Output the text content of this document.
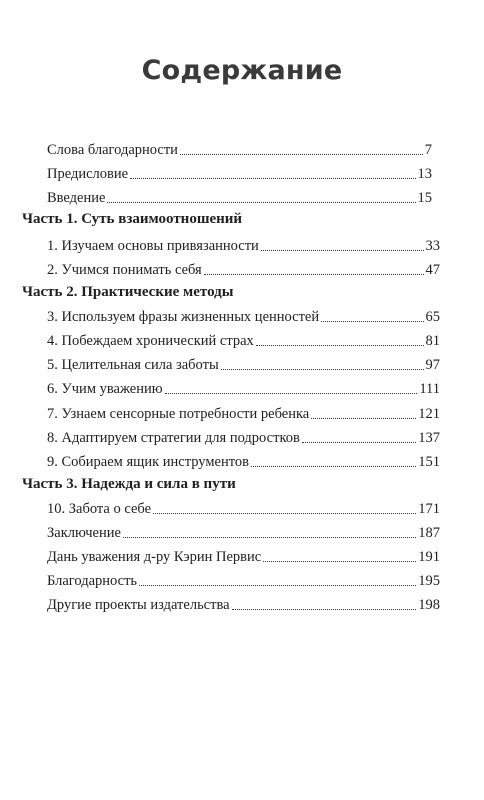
Содержание
Слова благодарности	7
Предисловие	13
Введение	15
Часть 1. Суть взаимоотношений
1. Изучаем основы привязанности	33
2. Учимся понимать себя	47
Часть 2. Практические методы
3. Используем фразы жизненных ценностей	65
4. Побеждаем хронический страх	81
5. Целительная сила заботы	97
6. Учим уважению	111
7. Узнаем сенсорные потребности ребенка	121
8. Адаптируем стратегии для подростков	137
9. Собираем ящик инструментов	151
Часть 3. Надежда и сила в пути
10. Забота о себе	171
Заключение	187
Дань уважения д-ру Кэрин Первис	191
Благодарность	195
Другие проекты издательства	198
